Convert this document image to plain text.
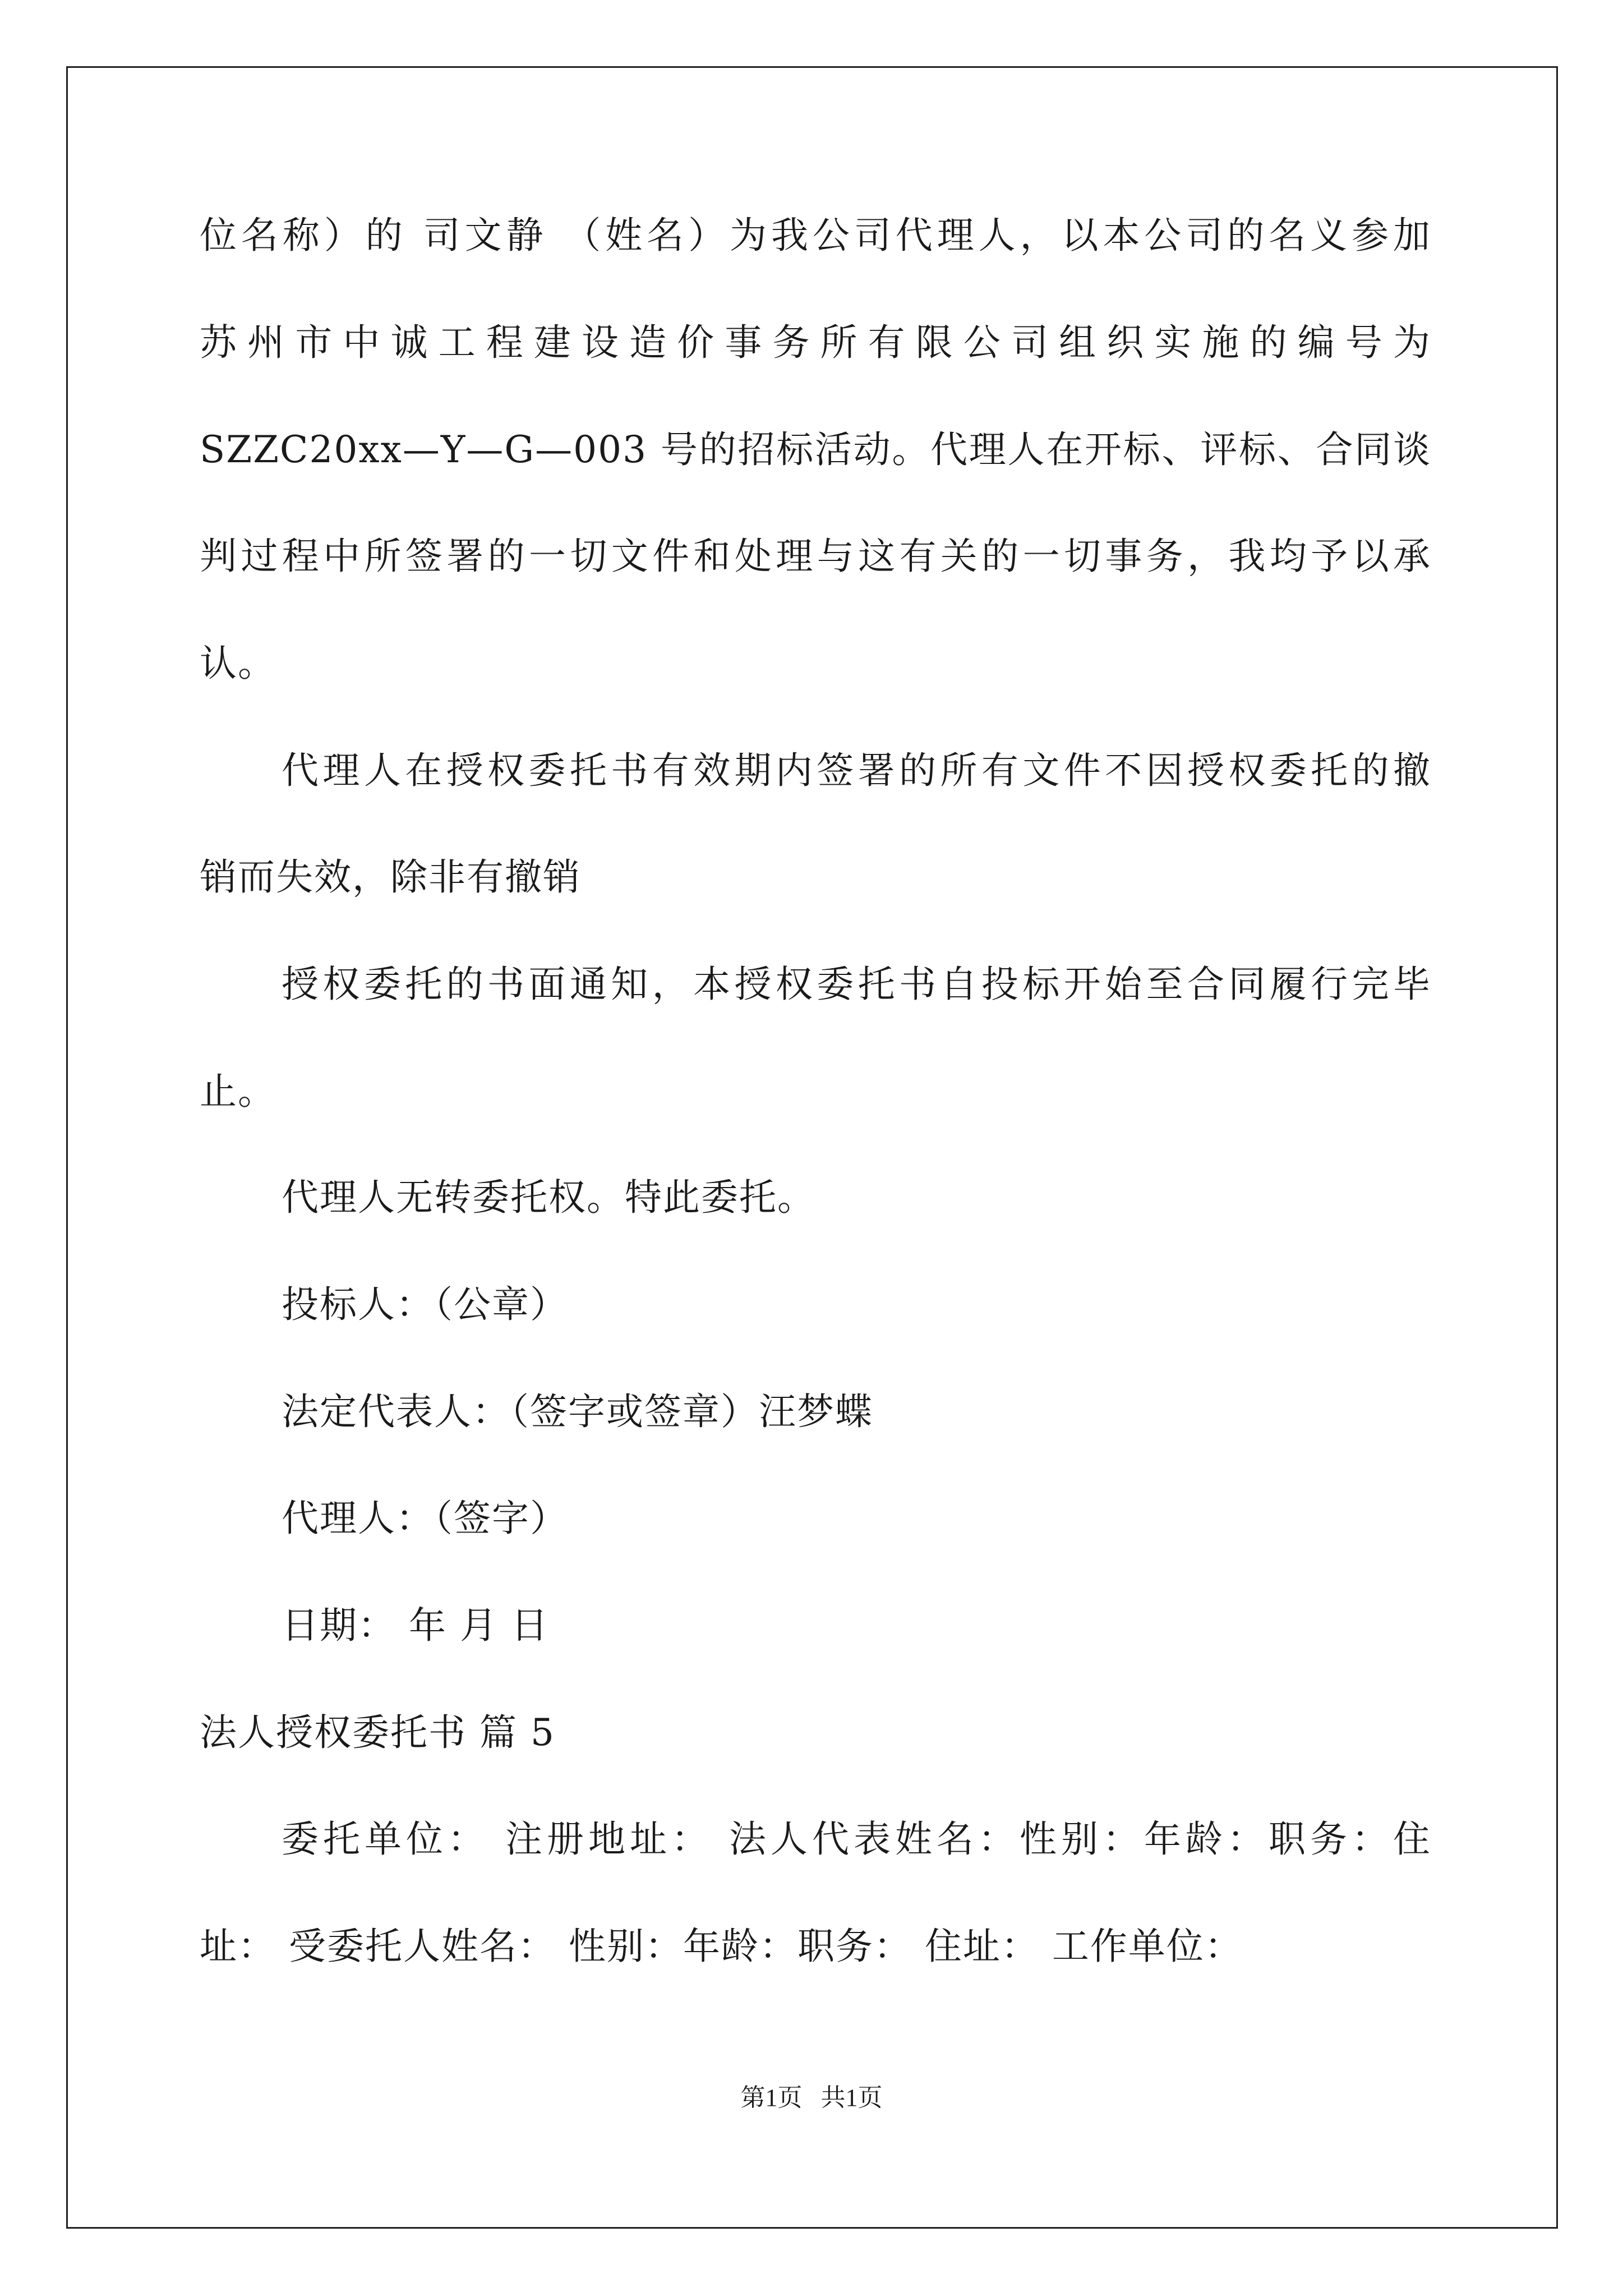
位名称）的 司文静 （姓名）为我公司代理人，以本公司的名义参加
苏州市中诚工程建设造价事务所有限公司组织实施的编号为
SZZC20xx—Y—G—003 号的招标活动。代理人在开标、评标、合同谈
判过程中所签署的一切文件和处理与这有关的一切事务，我均予以承
认。
代理人在授权委托书有效期内签署的所有文件不因授权委托的撤
销而失效，除非有撤销
授权委托的书面通知，本授权委托书自投标开始至合同履行完毕
止。
代理人无转委托权。特此委托。
投标人：（公章）
法定代表人：（签字或签章）汪梦蝶
代理人：（签字）
日期： 年 月 日
法人授权委托书 篇 5
委托单位： 注册地址： 法人代表姓名：性别：年龄：职务：住
址： 受委托人姓名： 性别：年龄：职务： 住址： 工作单位：
第1页   共1页
